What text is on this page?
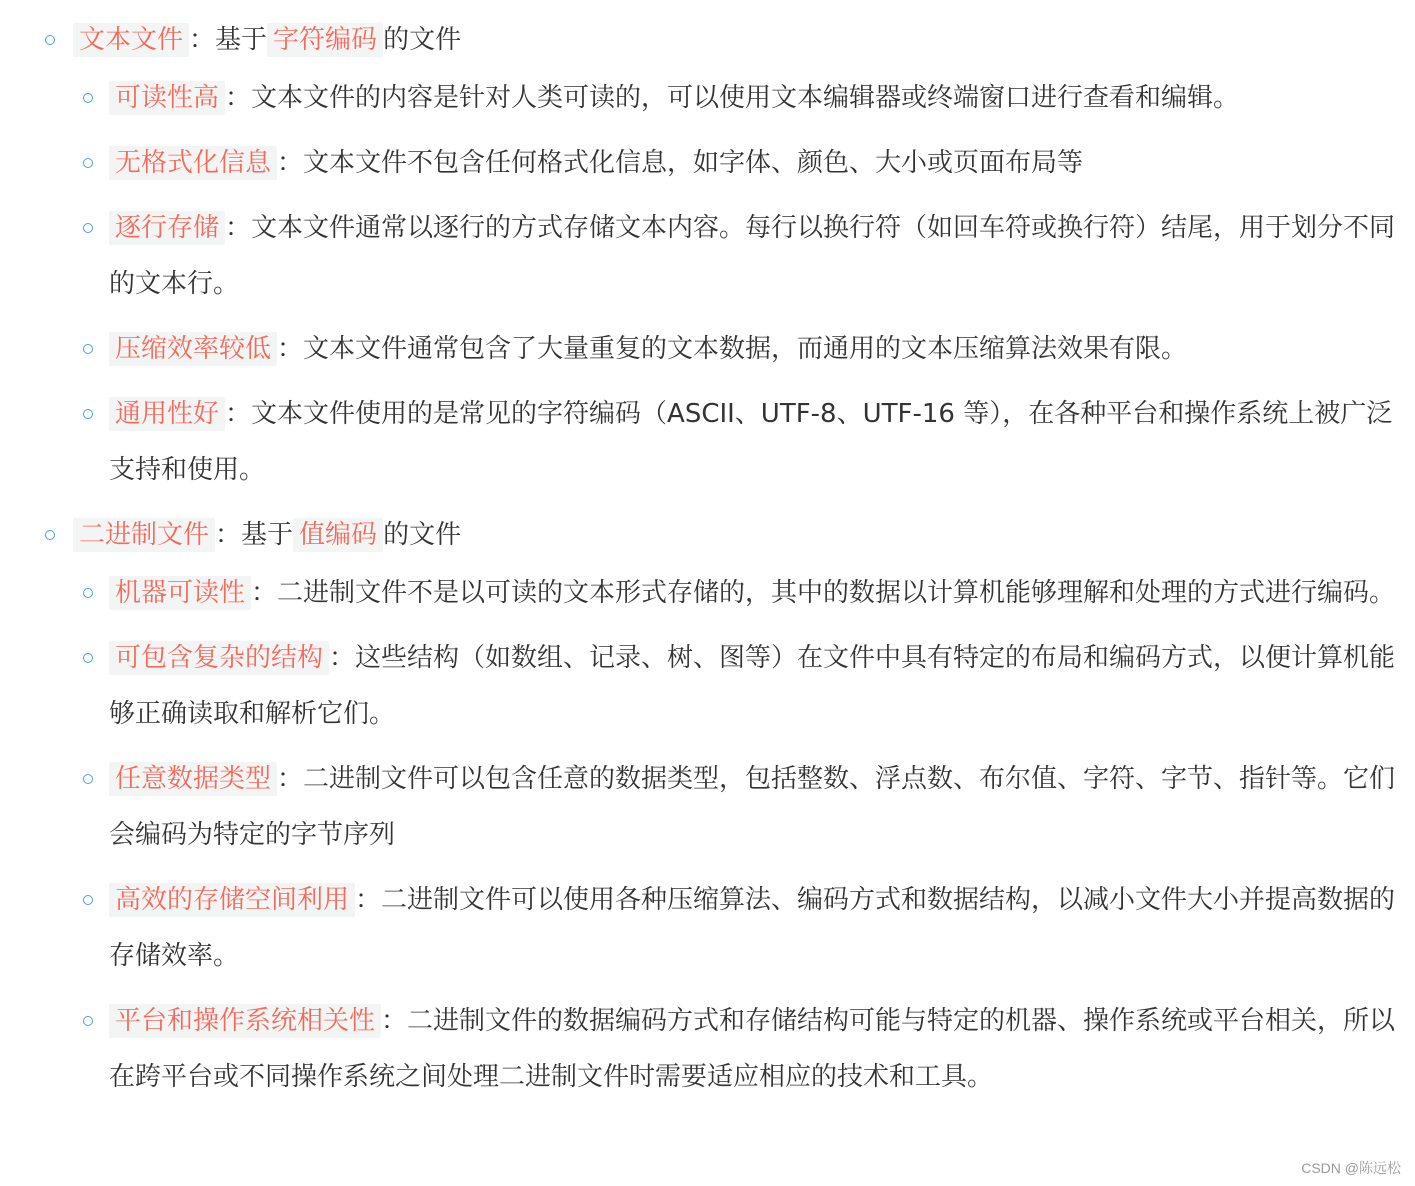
文本文件 ：基于 字符编码 的文件
可读性高 ：文本文件的内容是针对人类可读的，可以使用文本编辑器或终端窗口进行查看和编辑。
无格式化信息 ：文本文件不包含任何格式化信息，如字体、颜色、大小或页面布局等
逐行存储 ：文本文件通常以逐行的方式存储文本内容。每行以换行符（如回车符或换行符）结尾，用于划分不同的文本行。
压缩效率较低 ：文本文件通常包含了大量重复的文本数据，而通用的文本压缩算法效果有限。
通用性好 ：文本文件使用的是常见的字符编码（ASCII、UTF-8、UTF-16 等），在各种平台和操作系统上被广泛支持和使用。
二进制文件 ：基于 值编码 的文件
机器可读性 ：二进制文件不是以可读的文本形式存储的，其中的数据以计算机能够理解和处理的方式进行编码。
可包含复杂的结构 ：这些结构（如数组、记录、树、图等）在文件中具有特定的布局和编码方式，以便计算机能够正确读取和解析它们。
任意数据类型 ：二进制文件可以包含任意的数据类型，包括整数、浮点数、布尔值、字符、字节、指针等。它们会编码为特定的字节序列
高效的存储空间利用 ：二进制文件可以使用各种压缩算法、编码方式和数据结构，以减小文件大小并提高数据的存储效率。
平台和操作系统相关性 ：二进制文件的数据编码方式和存储结构可能与特定的机器、操作系统或平台相关，所以在跨平台或不同操作系统之间处理二进制文件时需要适应相应的技术和工具。
CSDN @陈远松
